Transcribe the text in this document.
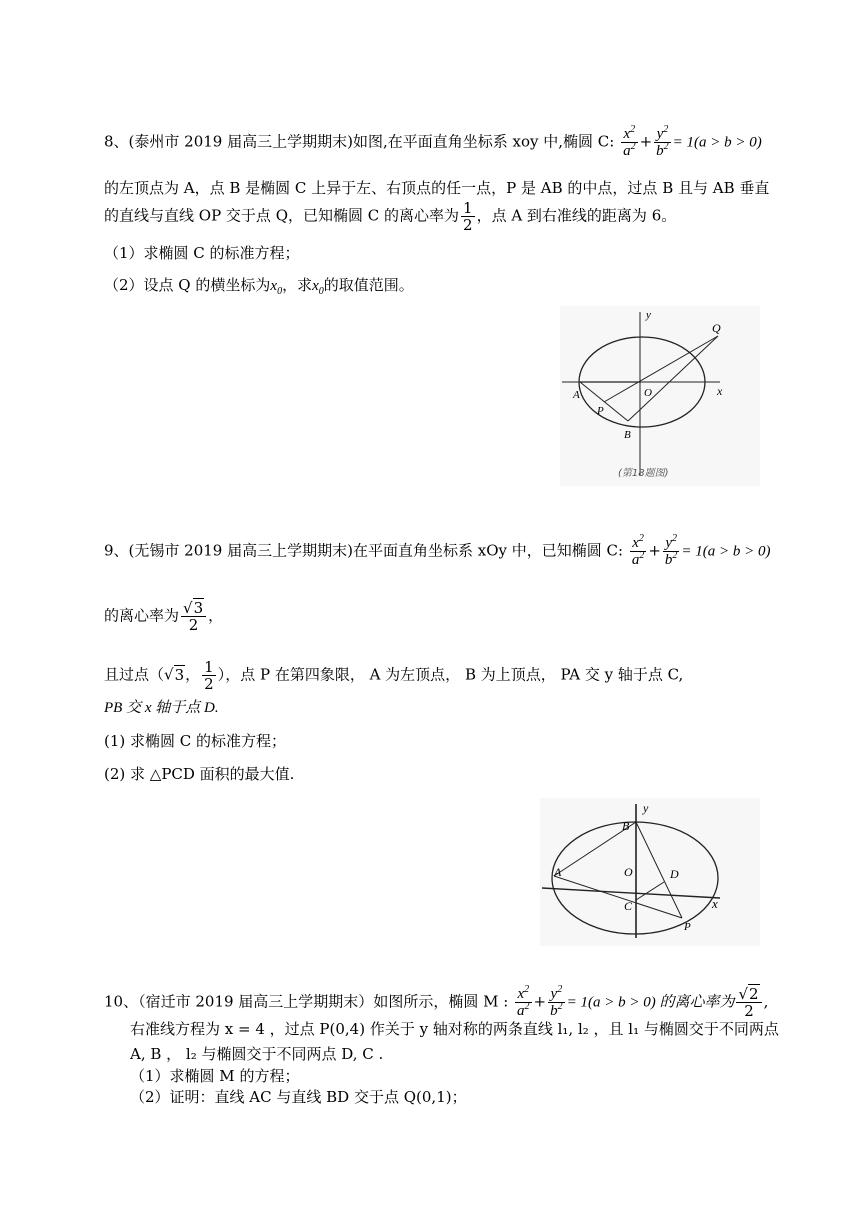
8、(泰州市 2019 届高三上学期期末)如图,在平面直角坐标系 xoy 中,椭圆 C: $\frac{x^2}{a^2} + \frac{y^2}{b^2} = 1(a > b > 0)$
的左顶点为 A，点 B 是椭圆 C 上异于左、右顶点的任一点，P 是 AB 的中点，过点 B 且与 AB 垂直
的直线与直线 OP 交于点 Q，已知椭圆 C 的离心率为 $\frac{1}{2}$ ，点 A 到右准线的距离为 6。
（1）求椭圆 C 的标准方程；
（2）设点 Q 的横坐标为$x_0$，求$x_0$的取值范围。
y
x
Q
O
A
P
B
(第18题图)
9、(无锡市 2019 届高三上学期期末)在平面直角坐标系 xOy 中，已知椭圆 C: $\frac{x^2}{a^2} + \frac{y^2}{b^2} = 1(a > b > 0)$
的离心率为 $\frac{√3}{2}$ ，
且过点（√3， $\frac{1}{2}$ ），点 P 在第四象限， A 为左顶点， B 为上顶点， PA 交 y 轴于点 C,
PB 交 x 轴于点 D.
(1) 求椭圆 C 的标准方程；
(2) 求 △PCD 面积的最大值.
y
x
B
A	O	D
C
P
10、（宿迁市 2019 届高三上学期期末）如图所示，椭圆 M : $\frac{x^2}{a^2} + \frac{y^2}{b^2} = 1(a > b > 0)$ 的离心率为 $\frac{√2}{2}$ ,
右准线方程为 x = 4 ，过点 P(0,4) 作关于 y 轴对称的两条直线 l₁, l₂ ，且 l₁ 与椭圆交于不同两点
A, B ， l₂ 与椭圆交于不同两点 D, C .
（1）求椭圆 M 的方程；
（2）证明：直线 AC 与直线 BD 交于点 Q(0,1)；
